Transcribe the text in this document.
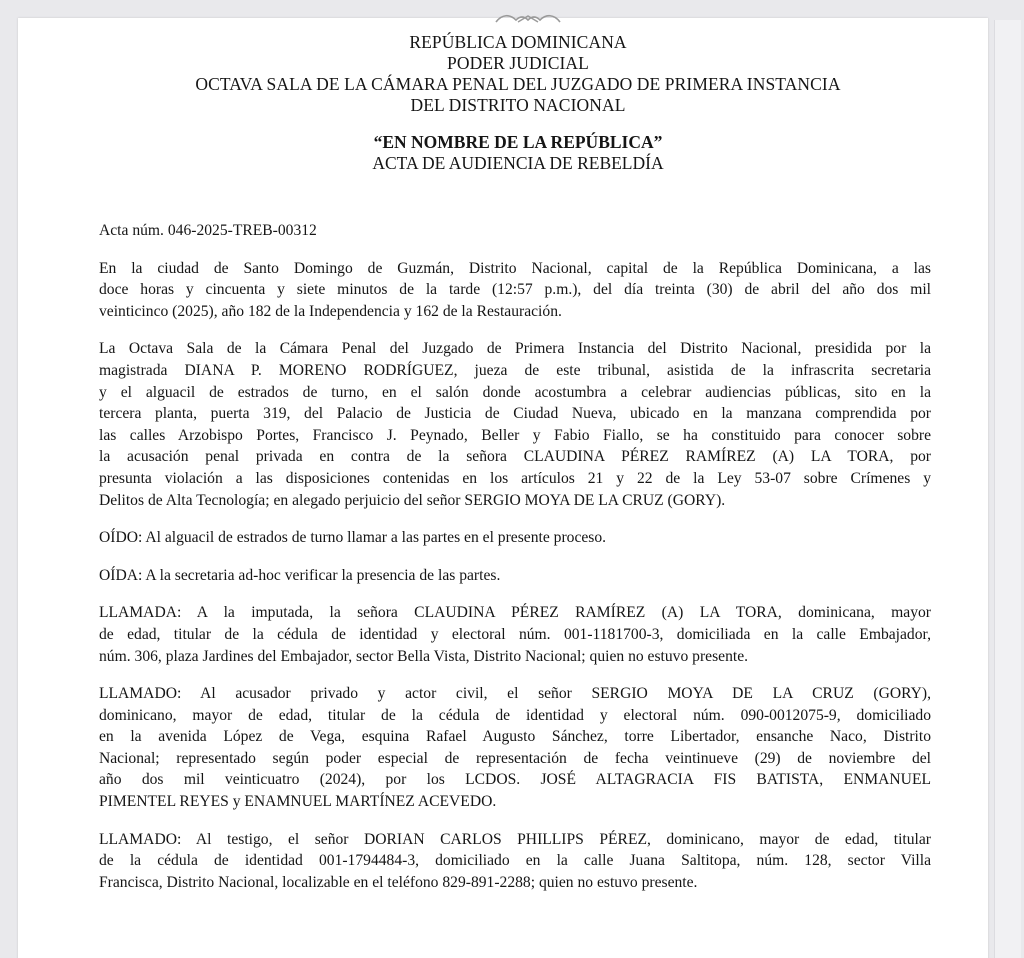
REPÚBLICA DOMINICANA
PODER JUDICIAL
OCTAVA SALA DE LA CÁMARA PENAL DEL JUZGADO DE PRIMERA INSTANCIA
DEL DISTRITO NACIONAL
“EN NOMBRE DE LA REPÚBLICA”
ACTA DE AUDIENCIA DE REBELDÍA

Acta núm. 046-2025-TREB-00312

En la ciudad de Santo Domingo de Guzmán, Distrito Nacional, capital de la República Dominicana, a las
doce horas y cincuenta y siete minutos de la tarde (12:57 p.m.), del día treinta (30) de abril del año dos mil
veinticinco (2025), año 182 de la Independencia y 162 de la Restauración.

La Octava Sala de la Cámara Penal del Juzgado de Primera Instancia del Distrito Nacional, presidida por la
magistrada DIANA P. MORENO RODRÍGUEZ, jueza de este tribunal, asistida de la infrascrita secretaria
y el alguacil de estrados de turno, en el salón donde acostumbra a celebrar audiencias públicas, sito en la
tercera planta, puerta 319, del Palacio de Justicia de Ciudad Nueva, ubicado en la manzana comprendida por
las calles Arzobispo Portes, Francisco J. Peynado, Beller y Fabio Fiallo, se ha constituido para conocer sobre
la acusación penal privada en contra de la señora CLAUDINA PÉREZ RAMÍREZ (A) LA TORA, por
presunta violación a las disposiciones contenidas en los artículos 21 y 22 de la Ley 53-07 sobre Crímenes y
Delitos de Alta Tecnología; en alegado perjuicio del señor SERGIO MOYA DE LA CRUZ (GORY).

OÍDO: Al alguacil de estrados de turno llamar a las partes en el presente proceso.

OÍDA: A la secretaria ad-hoc verificar la presencia de las partes.

LLAMADA: A la imputada, la señora CLAUDINA PÉREZ RAMÍREZ (A) LA TORA, dominicana, mayor
de edad, titular de la cédula de identidad y electoral núm. 001-1181700-3, domiciliada en la calle Embajador,
núm. 306, plaza Jardines del Embajador, sector Bella Vista, Distrito Nacional; quien no estuvo presente.

LLAMADO: Al acusador privado y actor civil, el señor SERGIO MOYA DE LA CRUZ (GORY),
dominicano, mayor de edad, titular de la cédula de identidad y electoral núm. 090-0012075-9, domiciliado
en la avenida López de Vega, esquina Rafael Augusto Sánchez, torre Libertador, ensanche Naco, Distrito
Nacional; representado según poder especial de representación de fecha veintinueve (29) de noviembre del
año dos mil veinticuatro (2024), por los LCDOS. JOSÉ ALTAGRACIA FIS BATISTA, ENMANUEL
PIMENTEL REYES y ENAMNUEL MARTÍNEZ ACEVEDO.

LLAMADO: Al testigo, el señor DORIAN CARLOS PHILLIPS PÉREZ, dominicano, mayor de edad, titular
de la cédula de identidad 001-1794484-3, domiciliado en la calle Juana Saltitopa, núm. 128, sector Villa
Francisca, Distrito Nacional, localizable en el teléfono 829-891-2288; quien no estuvo presente.
